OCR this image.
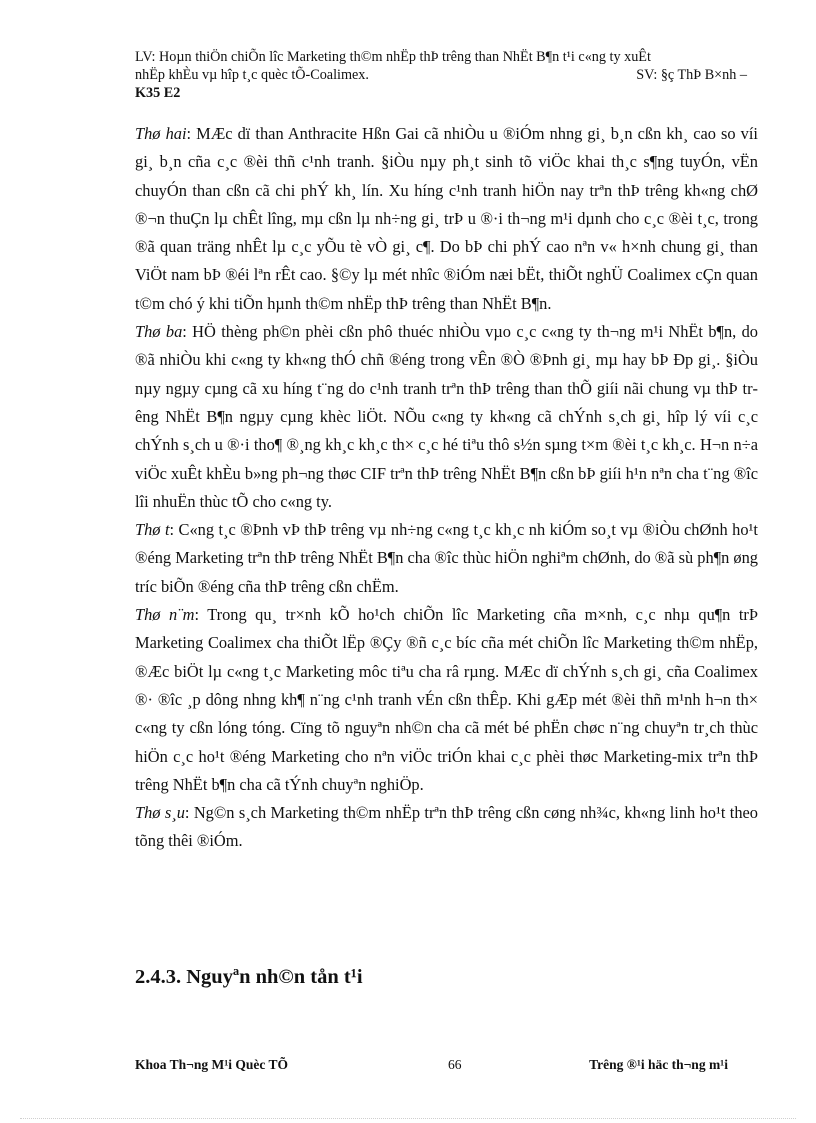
LV: Hoµn thiÖn chiÕn lîc Marketing th©m nhËp thÞ trêng than NhËt B¶n t¹i c«ng ty xuÊt
nhËp khÈu vµ hîp t¸c quèc tÕ-Coalimex.	SV: §ç ThÞ B×nh –
K35 E2

Thø hai: MÆc dï than Anthracite Hßn Gai cã nhiÒu u ®iÓm nhng gi¸ b¸n cßn kh¸ cao so víi gi¸ b¸n cña c¸c ®èi thñ c¹nh tranh. §iÒu nµy ph¸t sinh tõ viÖc khai th¸c s¶ng tuyÓn, vËn chuyÓn than cßn cã chi phÝ kh¸ lín. Xu híng c¹nh tranh hiÖn nay trªn thÞ trêng kh«ng chØ ®¬n thuÇn lµ chÊt lîng, mµ cßn lµ nh÷ng gi¸ trÞ u ®·i th¬ng m¹i dµnh cho c¸c ®èi t¸c, trong ®ã quan träng nhÊt lµ c¸c yÕu tè vÒ gi¸ c¶. Do bÞ chi phÝ cao nªn v« h×nh chung gi¸ than ViÖt nam bÞ ®éi lªn rÊt cao. §©y lµ mét nhîc ®iÓm næi bËt, thiÕt nghÜ Coalimex cÇn quan t©m chó ý khi tiÕn hµnh th©m nhËp thÞ trêng than NhËt B¶n.

Thø ba: HÖ thèng ph©n phèi cßn phô thuéc nhiÒu vµo c¸c c«ng ty th¬ng m¹i NhËt b¶n, do ®ã nhiÒu khi c«ng ty kh«ng thÓ chñ ®éng trong vÊn ®Ò ®Þnh gi¸ mµ hay bÞ Ðp gi¸. §iÒu nµy ngµy cµng cã xu híng t¨ng do c¹nh tranh trªn thÞ trêng than thÕ giíi nãi chung vµ thÞ trêng NhËt B¶n ngµy cµng khèc liÖt. NÕu c«ng ty kh«ng cã chÝnh s¸ch gi¸ hîp lý víi c¸c chÝnh s¸ch u ®·i tho¶ ®¸ng kh¸c kh¸c th× c¸c hé tiªu thô s½n sµng t×m ®èi t¸c kh¸c. H¬n n÷a viÖc xuÊt khÈu b»ng ph¬ng thøc CIF trªn thÞ trêng NhËt B¶n cßn bÞ giíi h¹n nªn cha t¨ng ®îc lîi nhuËn thùc tÕ cho c«ng ty.

Thø t: C«ng t¸c ®Þnh vÞ thÞ trêng vµ nh÷ng c«ng t¸c kh¸c nh kiÓm so¸t vµ ®iÒu chØnh ho¹t ®éng Marketing trªn thÞ trêng NhËt B¶n cha ®îc thùc hiÖn nghiªm chØnh, do ®ã sù ph¶n øng tríc biÕn ®éng cña thÞ trêng cßn chËm.

Thø n¨m: Trong qu¸ tr×nh kÕ ho¹ch chiÕn lîc Marketing cña m×nh, c¸c nhµ qu¶n trÞ Marketing Coalimex cha thiÕt lËp ®Çy ®ñ c¸c bíc cña mét chiÕn lîc Marketing th©m nhËp, ®Æc biÖt lµ c«ng t¸c Marketing môc tiªu cha râ rµng. MÆc dï chÝnh s¸ch gi¸ cña Coalimex ®· ®îc ¸p dông nhng kh¶ n¨ng c¹nh tranh vÉn cßn thÊp. Khi gÆp mét ®èi thñ m¹nh h¬n th× c«ng ty cßn lóng tóng. Cïng tõ nguyªn nh©n cha cã mét bé phËn chøc n¨ng chuyªn tr¸ch thùc hiÖn c¸c ho¹t ®éng Marketing cho nªn viÖc triÓn khai c¸c phèi thøc Marketing-mix trªn thÞ trêng NhËt b¶n cha cã tÝnh chuyªn nghiÖp.

Thø s¸u: Ng©n s¸ch Marketing th©m nhËp trªn thÞ trêng cßn cøng nh¾c, kh«ng linh ho¹t theo tõng thêi ®iÓm.

2.4.3. Nguyªn nh©n tån t¹i
Khoa Th¬ng M¹i Quèc TÕ	66	Trêng ®¹i häc th¬ng m¹i
